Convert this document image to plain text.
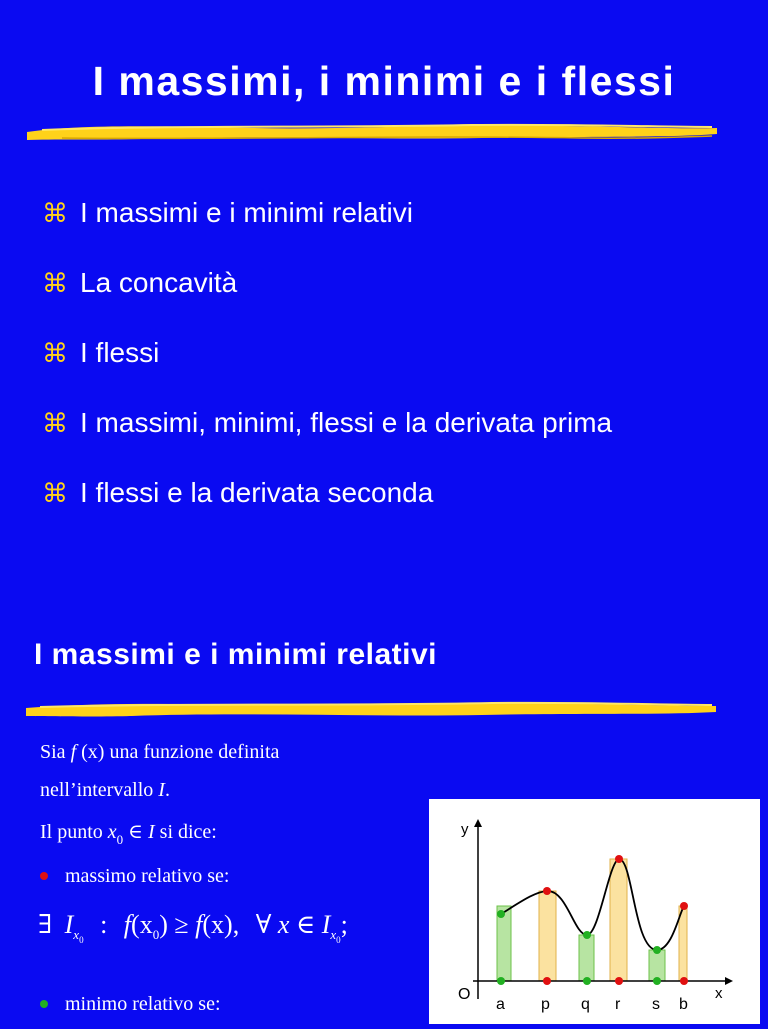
I massimi, i minimi e i flessi
⌘ I massimi e i minimi relativi
⌘ La concavità
⌘ I flessi
⌘ I massimi, minimi, flessi e la derivata prima
⌘ I flessi e la derivata seconda
I massimi e i minimi relativi
Sia f (x) una funzione definita
nell’intervallo I.
Il punto $x_0$ ∈ I si dice:
massimo relativo se:
∃ $I_{x_0}$ : $f(x_0) \ge f(x)$, ∀ x ∈ $I_{x_0}$;
minimo relativo se:
y
x
O
a p q r s b
